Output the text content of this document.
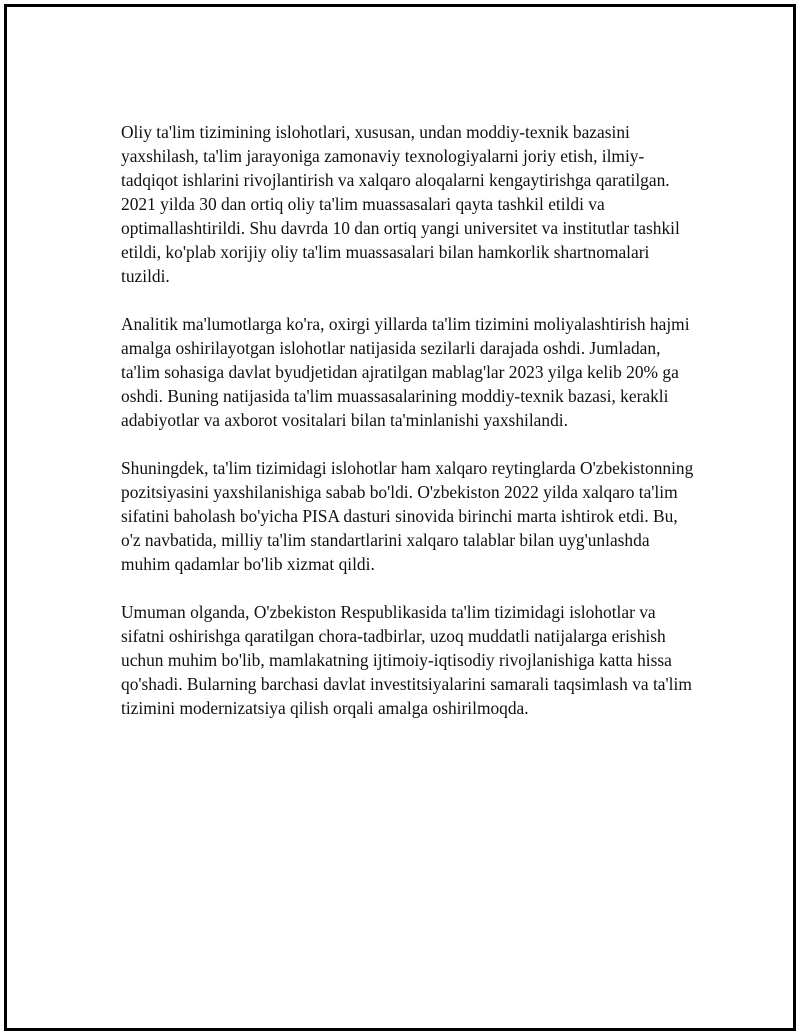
Oliy ta'lim tizimining islohotlari, xususan, undan moddiy-texnik bazasini yaxshilash, ta'lim jarayoniga zamonaviy texnologiyalarni joriy etish, ilmiy-tadqiqot ishlarini rivojlantirish va xalqaro aloqalarni kengaytirishga qaratilgan. 2021 yilda 30 dan ortiq oliy ta'lim muassasalari qayta tashkil etildi va optimallashtirildi. Shu davrda 10 dan ortiq yangi universitet va institutlar tashkil etildi, ko'plab xorijiy oliy ta'lim muassasalari bilan hamkorlik shartnomalari tuzildi.

Analitik ma'lumotlarga ko'ra, oxirgi yillarda ta'lim tizimini moliyalashtirish hajmi amalga oshirilayotgan islohotlar natijasida sezilarli darajada oshdi. Jumladan, ta'lim sohasiga davlat byudjetidan ajratilgan mablag'lar 2023 yilga kelib 20% ga oshdi. Buning natijasida ta'lim muassasalarining moddiy-texnik bazasi, kerakli adabiyotlar va axborot vositalari bilan ta'minlanishi yaxshilandi.

Shuningdek, ta'lim tizimidagi islohotlar ham xalqaro reytinglarda O'zbekistonning pozitsiyasini yaxshilanishiga sabab bo'ldi. O'zbekiston 2022 yilda xalqaro ta'lim sifatini baholash bo'yicha PISA dasturi sinovida birinchi marta ishtirok etdi. Bu, o'z navbatida, milliy ta'lim standartlarini xalqaro talablar bilan uyg'unlashda muhim qadamlar bo'lib xizmat qildi.

Umuman olganda, O'zbekiston Respublikasida ta'lim tizimidagi islohotlar va sifatni oshirishga qaratilgan chora-tadbirlar, uzoq muddatli natijalarga erishish uchun muhim bo'lib, mamlakatning ijtimoiy-iqtisodiy rivojlanishiga katta hissa qo'shadi. Bularning barchasi davlat investitsiyalarini samarali taqsimlash va ta'lim tizimini modernizatsiya qilish orqali amalga oshirilmoqda.
